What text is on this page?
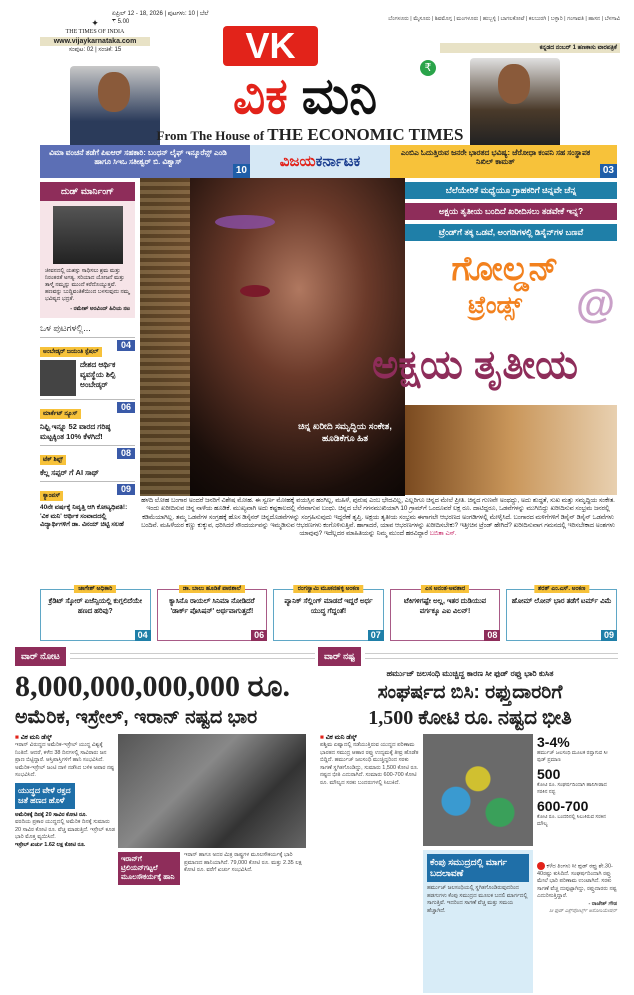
✦
THE TIMES OF INDIA
www.vijaykarnataka.com
ಸಂಪುಟ: 02 | ಸಂಚಿಕೆ: 15
ಏಪ್ರಿಲ್ 12 - 18, 2026 | ಪುಟಗಳು: 10 | ಬೆಲೆ ₹ 5.00	ಬೆಂಗಳೂರು | ಮೈಸೂರು | ಶಿವಮೊಗ್ಗ | ಮಂಗಳೂರು | ಹುಬ್ಬಳ್ಳಿ | ಬಾಗಲಕೋಟೆ | ಕಲಬುರಗಿ | ಬಳ್ಳಾರಿ | ಗಂಗಾವತಿ | ಹಾಸನ | ಬೆಳಗಾವಿ
ಕನ್ನಡದ ನಂಬರ್ 1 ಹಣಕಾಸು ವಾರಪತ್ರಿಕೆ
VK
ವಿಕ ಮನಿ	₹
From The House of THE ECONOMIC TIMES
ವಿಮಾ ವಂಚನೆ ತಡೆಗೆ ಪಿಐಆರ್ ಸಹಕಾರಿ: ಬಂಧನ್ ಲೈಫ್ ಇನ್ಶೂರೆನ್ಸ್ ಎಂಡಿ ಹಾಗೂ ಸಿಇಒ ಸತೀಶ್ವರ್ ಬಿ. ವಿಶ್ವಾಸ್
10
ವಿಜಯಕರ್ನಾಟಕ
ಎಂಬಿಎ ಓದುತ್ತಿರುವ ಜನರೇ ಭಾರತದ ಭವಿಷ್ಯ: ಜೆರೋಧಾ ಕಂಪನಿ ಸಹ ಸಂಸ್ಥಾಪಕ ನಿಖಿಲ್ ಕಾಮತ್
03
ದುಡ್ ಮಾರ್ನಿಂಗ್
ಜೀವನದಲ್ಲಿ ಯಶಸ್ಸು ಸಾಧಿಸಲು ಶ್ರಮ ಮತ್ತು ನಿರಂತರತೆ ಅಗತ್ಯ. ಸರಿಯಾದ ಯೋಜನೆ ಮತ್ತು ತಾಳ್ಮೆ ನಮ್ಮನ್ನು ಮುಂದೆ ಕರೆದೊಯ್ಯುತ್ತವೆ. ಹಣವನ್ನು ಬುದ್ಧಿವಂತಿಕೆಯಿಂದ ಬಳಸುವುದು ನಮ್ಮ ಭವಿಷ್ಯದ ಭದ್ರತೆ.
- ರಮೇಶ್ ಅರವಿಂದ್ ಹಿರಿಯ ನಟ
ಒಳ ಪುಟಗಳಲ್ಲಿ...
ಅಂಬೇಡ್ಕರ್ ಜಯಂತಿ ಸ್ಪೆಷಲ್
04
ದೇಶದ ಆರ್ಥಿಕ ವ್ಯವಸ್ಥೆಯ ಶಿಲ್ಪಿ ಅಂಬೇಡ್ಕರ್
ಮಾರ್ಕೆಟ್ ನ್ಯೂಸ್
06
ನಿಫ್ಟಿ ಇನ್ನೂ 52 ವಾರದ ಗರಿಷ್ಠ ಮಟ್ಟಕ್ಕಿಂತ 10% ಕೆಳಗಿದೆ!
ಟೆಕ್ ಶಿಫ್ಟ್
08
ಕೆಲ್ಲ ಸಪ್ಪರ್ ಗೆ AI ಸಾಥ್
ಕ್ಯಾಂಪಸ್
09
40ನೇ ವರ್ಷಕ್ಕೆ ನಿವೃತ್ತಿ ಆಗಿ ಕೋಟ್ಯಧಿಪತಿ!: 'ವಿಕ ಮನಿ' ಆರ್ಥಿಕ ಸಂವಾದದಲ್ಲಿ ವಿದ್ಯಾರ್ಥಿಗಳಿಗೆ ಡಾ. ವಿನಯ್ ಚಿಟ್ಟಿ ಸಲಹೆ
ಚಿನ್ನ ಖರೀದಿ ಸಮೃದ್ಧಿಯ ಸಂಕೇತ, ಹೂಡಿಕೆಗೂ ಹಿತ
ಬೆಲೆಯೇರಿಕೆ ಮಧ್ಯೆಯೂ ಗ್ರಾಹಕರಿಗೆ ಚಿನ್ನವೇ ಚೆನ್ನ
ಅಕ್ಷಯ ತೃತೀಯ ಬಂದಿದೆ ಖರೀದಿಸಲು ತಡವೇಕೆ ಇನ್ನ?
ಟ್ರೆಂಡ್‌ಗೆ ತಕ್ಕ ಒಡವೆ, ಅಂಗಡಿಗಳಲ್ಲಿ ಡಿಸೈನ್‌ಗಳ ಬಣವೆ
ಗೋಲ್ಡನ್
ಟ್ರೆಂಡ್ಸ್	@
ಅಕ್ಷಯ ತೃತೀಯ
ಹಳದಿ ಲೋಹ ಬಂಗಾರ ಅಂದರೆ ಜನರಿಗೆ ವಿಶೇಷ ಮೋಹ. ಈ ಸ್ವರ್ಣ ಮೋಹಕ್ಕೆ ವಯಸ್ಸಿನ ಹಂಗಿಲ್ಲ, ಮಹಿಳೆ, ಪುರುಷ ಎಂಬ ಭೇದವಿಲ್ಲ, ಎಲ್ಲರಿಗೂ ಚಿನ್ನದ ಮೇಲೆ ಪ್ರೀತಿ. ಚಿನ್ನದ ಗುಣವೇ ಅಂಥದ್ದು, ಅದು ಶುದ್ಧತೆ, ಸುಖ ಮತ್ತು ಸಮೃದ್ಧಿಯ ಸಂಕೇತ. ಇಂದು ಖರೀದಿಸುವ ಚಿನ್ನ ನಾಳೆಯ ಹೂಡಿಕೆ. ಮುಖ್ಯವಾಗಿ ಅದು ಕಷ್ಟಕಾಲದಲ್ಲಿ ನೆರವಾಗುವ ಬಂಧು. ಚಿನ್ನದ ಬೆಲೆ ಗಗನಮುಖಿಯಾಗಿ 10 ಗ್ರಾಮ್‌ಗೆ ಒಂದೂವರೆ ಲಕ್ಷ ರೂ. ದಾಟಿದ್ದರೂ, ಒಡವೆಗಳನ್ನು ಮುಗಿಬಿದ್ದು ಖರೀದಿಸುವ ಸಂಭ್ರಮ ಜನರಲ್ಲಿ ಕಡಿಮೆಯಾಗಿಲ್ಲ. ತಮ್ಮ ಒಡವೆಗಳ ಸಂಗ್ರಹಕ್ಕೆ ಹೊಸ ಡಿಸೈನರ್ ಚಿನ್ನದೊಡವೆಗಳನ್ನು ಸಂಗ್ರಹಿಸುವುದು ಇದ್ದರೆಣೆ ತೃಪ್ತಿ. ಅಕ್ಷಯ ತೃತೀಯ ಸಂಭ್ರಮ ಈಗಾಗಲೇ ಆಭರಣದ ಅಂಗಡಿಗಳಲ್ಲಿ ಮೇಳೈಸಿದೆ. ಬಂಗಾರದ ಮಳಿಗೆಗಳಿಗೆ ಡಿಸೈನ್ ಡಿಸೈನ್ ಒಡವೆಗಳು ಬಂದಿವೆ. ಮಹಿಳೆಯರ ಕಣ್ಣು ಕುಕ್ಕುವ, ಧರಿಸಿದರೆ ಸೌಂದರ್ಯವನ್ನು ಇಮ್ಮಡಿಸುವ ಆಭರಣಗಳು ಕಂಗೊಳಿಸುತ್ತಿವೆ. ಹಾಗಾದರೆ, ಯಾವ ಆಭರಣಗಳನ್ನು ಖರೀದಿಸಬೇಕು? ಇತ್ತೀಚಿನ ಟ್ರೆಂಡ್ ಹೇಗಿದೆ? ಖರೀದಿಸುವಾಗ ಗಮನದಲ್ಲಿ ಇರಿಸಬೇಕಾದ ಅಂಶಗಳು ಯಾವುವು? ಇದೆಲ್ಲದರ ಮಾಹಿತಿಯನ್ನು ನಿಮ್ಮ ಮುಂದೆ ಹರವಿದ್ದಾರೆ ಬಬಿತಾ ಎಸ್.
ಜಾಗೇಶ್ ಅಧಿಕಾರಿ
ಕ್ರೆಡಿಟ್ ಸ್ಕೋರ್ ಏಜೆನ್ಸಿಯಲ್ಲಿ ಕುಗ್ಗಲಿದೆಯೇ ಹಣದ ಹರಿವು?
04
ಡಾ. ಬಾಲು ಹೂಡಿಕೆ ಪಾಠಶಾಲೆ
ಕ್ಯಾಸಿನೊ ರಾಯಲ್ ಸಿನಿಮಾ ನೋಡಿದರೆ 'ಡಾರ್ಕ್ ಪೊಸಿಷನ್' ಅರ್ಥವಾಗುತ್ತದೆ!
06
ರಂಗಸ್ವಾಮಿ ಮೂಕನಹಳ್ಳಿ ಅಂಕಣ
ಪ್ಯಾನಿಕ್ ಸೆಲ್ಲಿಂಗ್ ಮಾಡದೆ ಇದ್ದರೆ ಅರ್ಧ ಯುದ್ಧ ಗೆದ್ದಂತೆ!
07
ಎಸ ಅನಂತ-ಅವತಾರ
ಟೆಕಿಗಳಿಗಷ್ಟೇ ಅಲ್ಲ, ಇತರ ದುಡಿಯುವ ವರ್ಗಕ್ಕೂ ಎಐ ವಿಲನ್!
08
ಶರತ್ ಎಂ.ಎಸ್. ಅಂಕಣ
ಹೋಮ್ ಲೋನ್ ಭಾರ ತಡೆಗೆ ಟರ್ಮ್ ವಿಮೆ
09
ವಾರ್ ನೋಟ
8,000,000,000,000 ರೂ.
ಅಮೆರಿಕ, ಇಸ್ರೇಲ್, ಇರಾನ್ ನಷ್ಟದ ಭಾರ
■ ವಿಕ ಮನಿ ಡೆಸ್ಕ್
ಇರಾನ್ ವಿರುದ್ಧದ ಅಮೆರಿಕ-ಇಸ್ರೇಲ್ ಯುದ್ಧ ವಿಶ್ವಕ್ಕೆ ನಿಂತಿದೆ. ಆದರೆ, ಕಳೆದ 38 ದಿನಗಳಲ್ಲಿ ಸಾವಿರಾರು ಜನ ಪ್ರಾಣ ಬಿಟ್ಟಿದ್ದಾರೆ. ಆಸ್ತಿಪಾಸ್ತಿಗಳಿಗೆ ಹಾನಿ ಸಂಭವಿಸಿದೆ. ಅಮೆರಿಕ-ಇಸ್ರೇಲ್ ಜಂಟಿ ದಾಳಿ ನಡೆಸಿದ ಬಳಿಕ ಅಪಾರ ನಷ್ಟ ಸಂಭವಿಸಿದೆ.
ಯುದ್ಧದ ವೇಳೆ ರಕ್ತದ ಜತೆ ಹಣದ ಹೊಳೆ
ಅಮೆರಿಕಕ್ಕೆ ದಿನಕ್ಕೆ 20 ಸಾವಿರ ಕೋಟಿ ರೂ.
ವರದಿಯ ಪ್ರಕಾರ ಯುದ್ಧದಲ್ಲಿ ಅಮೆರಿಕ ದಿನಕ್ಕೆ ಸುಮಾರು 20 ಸಾವಿರ ಕೋಟಿ ರೂ. ವೆಚ್ಚ ಮಾಡುತ್ತಿದೆ. ಇಸ್ರೇಲ್ ಕೂಡ ಭಾರಿ ಮೊತ್ತ ವ್ಯಯಿಸಿದೆ.
ಇಸ್ರೇಲ್ ಖರ್ಚು 1.62 ಲಕ್ಷ ಕೋಟಿ ರೂ.
ಇರಾನ್‌ಗೆ ಟ್ರಿಲಿಯನ್‌ಗಟ್ಟಲೆ ಮೂಲಸೌಕರ್ಯಕ್ಕೆ ಹಾನಿ
ಇರಾನ್ ಹಾಗೂ ಅದರ ಮಿತ್ರ ರಾಷ್ಟ್ರಗಳ ಮೂಲಸೌಕರ್ಯಕ್ಕೆ ಭಾರಿ ಪ್ರಮಾಣದ ಹಾನಿಯಾಗಿದೆ. 79,000 ಕೋಟಿ ರೂ. ಮತ್ತು 2.35 ಲಕ್ಷ ಕೋಟಿ ರೂ. ವರೆಗೆ ಖರ್ಚು ಸಂಭವಿಸಿದೆ.
ವಾರ್ ನಷ್ಟ
ಹರ್ಮುಜ್ ಜಲಸಂಧಿ ಮುಚ್ಚಿದ್ದ ಕಾರಣ ಸೀ ಫುಡ್ ರಫ್ತು ಭಾರಿ ಕುಸಿತ
ಸಂಘರ್ಷದ ಬಿಸಿ: ರಫ್ತುದಾರರಿಗೆ
1,500 ಕೋಟಿ ರೂ. ನಷ್ಟದ ಭೀತಿ
■ ವಿಕ ಮನಿ ಡೆಸ್ಕ್
ಪಶ್ಚಿಮ ಏಷ್ಯಾದಲ್ಲಿ ನಡೆಯುತ್ತಿರುವ ಯುದ್ಧದ ಪರಿಣಾಮ ಭಾರತದ ಸಮುದ್ರ ಆಹಾರ ರಫ್ತು ಉದ್ಯಮಕ್ಕೆ ತೀವ್ರ ಹೊಡೆತ ಬಿದ್ದಿದೆ. ಹರ್ಮುಜ್ ಜಲಸಂಧಿ ಮುಚ್ಚಿದ್ದರಿಂದ ಸರಕು ಸಾಗಣೆ ಸ್ಥಗಿತಗೊಂಡಿದ್ದು, ಸುಮಾರು 1,500 ಕೋಟಿ ರೂ. ನಷ್ಟದ ಭೀತಿ ಎದುರಾಗಿದೆ. ಸುಮಾರು 600-700 ಕೋಟಿ ರೂ. ಮೌಲ್ಯದ ಸರಕು ಬಂದರುಗಳಲ್ಲಿ ಸಿಲುಕಿದೆ.
3-4%
ಹರ್ಮುಜ್ ಜಲಸಂಧಿ ಮೂಲಕ ರಫ್ತಾಗುವ ಸೀ ಫುಡ್ ಪ್ರಮಾಣ
500
ಕೋಟಿ ರೂ. ಸಂಘರ್ಷದಿಂದಾಗಿ ಹಾನಿಗೀಡಾದ ಸರಕಿನ ನಷ್ಟ
600-700
ಕೋಟಿ ರೂ. ಬಂದರಿನಲ್ಲಿ ಸಿಲುಕಿರುವ ಸರಕಿನ ಮೌಲ್ಯ
ಕೆಂಪು ಸಮುದ್ರದಲ್ಲಿ ಮಾರ್ಗ ಬದಲಾವಣೆ
ಹರ್ಮುಜ್ ಜಲಸಂಧಿಯಲ್ಲಿ ಸ್ಥಗಿತಗೊಂಡಿರುವುದರಿಂದ ಹಡಗುಗಳು ಕೆಂಪು ಸಮುದ್ರದ ಮೂಲಕ ಬದಲಿ ಮಾರ್ಗದಲ್ಲಿ ಸಾಗುತ್ತಿವೆ. ಇದರಿಂದ ಸಾಗಣೆ ವೆಚ್ಚ ಮತ್ತು ಸಮಯ ಹೆಚ್ಚಾಗಿದೆ.
ಕಳೆದ ತಿಂಗಳು ಸೀ ಫುಡ್ ರಫ್ತು ಶೇ.30-40ರಷ್ಟು ಕುಸಿದಿದೆ. ಸಂಘರ್ಷದಿಂದಾಗಿ ರಫ್ತು ಮೇಲೆ ಭಾರಿ ಪರಿಣಾಮ ಉಂಟಾಗಿದೆ. ಸರಕು ಸಾಗಣೆ ವೆಚ್ಚ ದುಪ್ಪಟ್ಟಾಗಿದ್ದು, ರಫ್ತುದಾರರು ನಷ್ಟ ಎದುರಿಸುತ್ತಿದ್ದಾರೆ.
- ರಾಜೇಶ್ ಗೌಡ
ಸೀ ಫುಡ್ ಎಕ್ಸ್‌ಪೋರ್ಟ್ಸ್ ಅಸೋಸಿಯೇಷನ್
